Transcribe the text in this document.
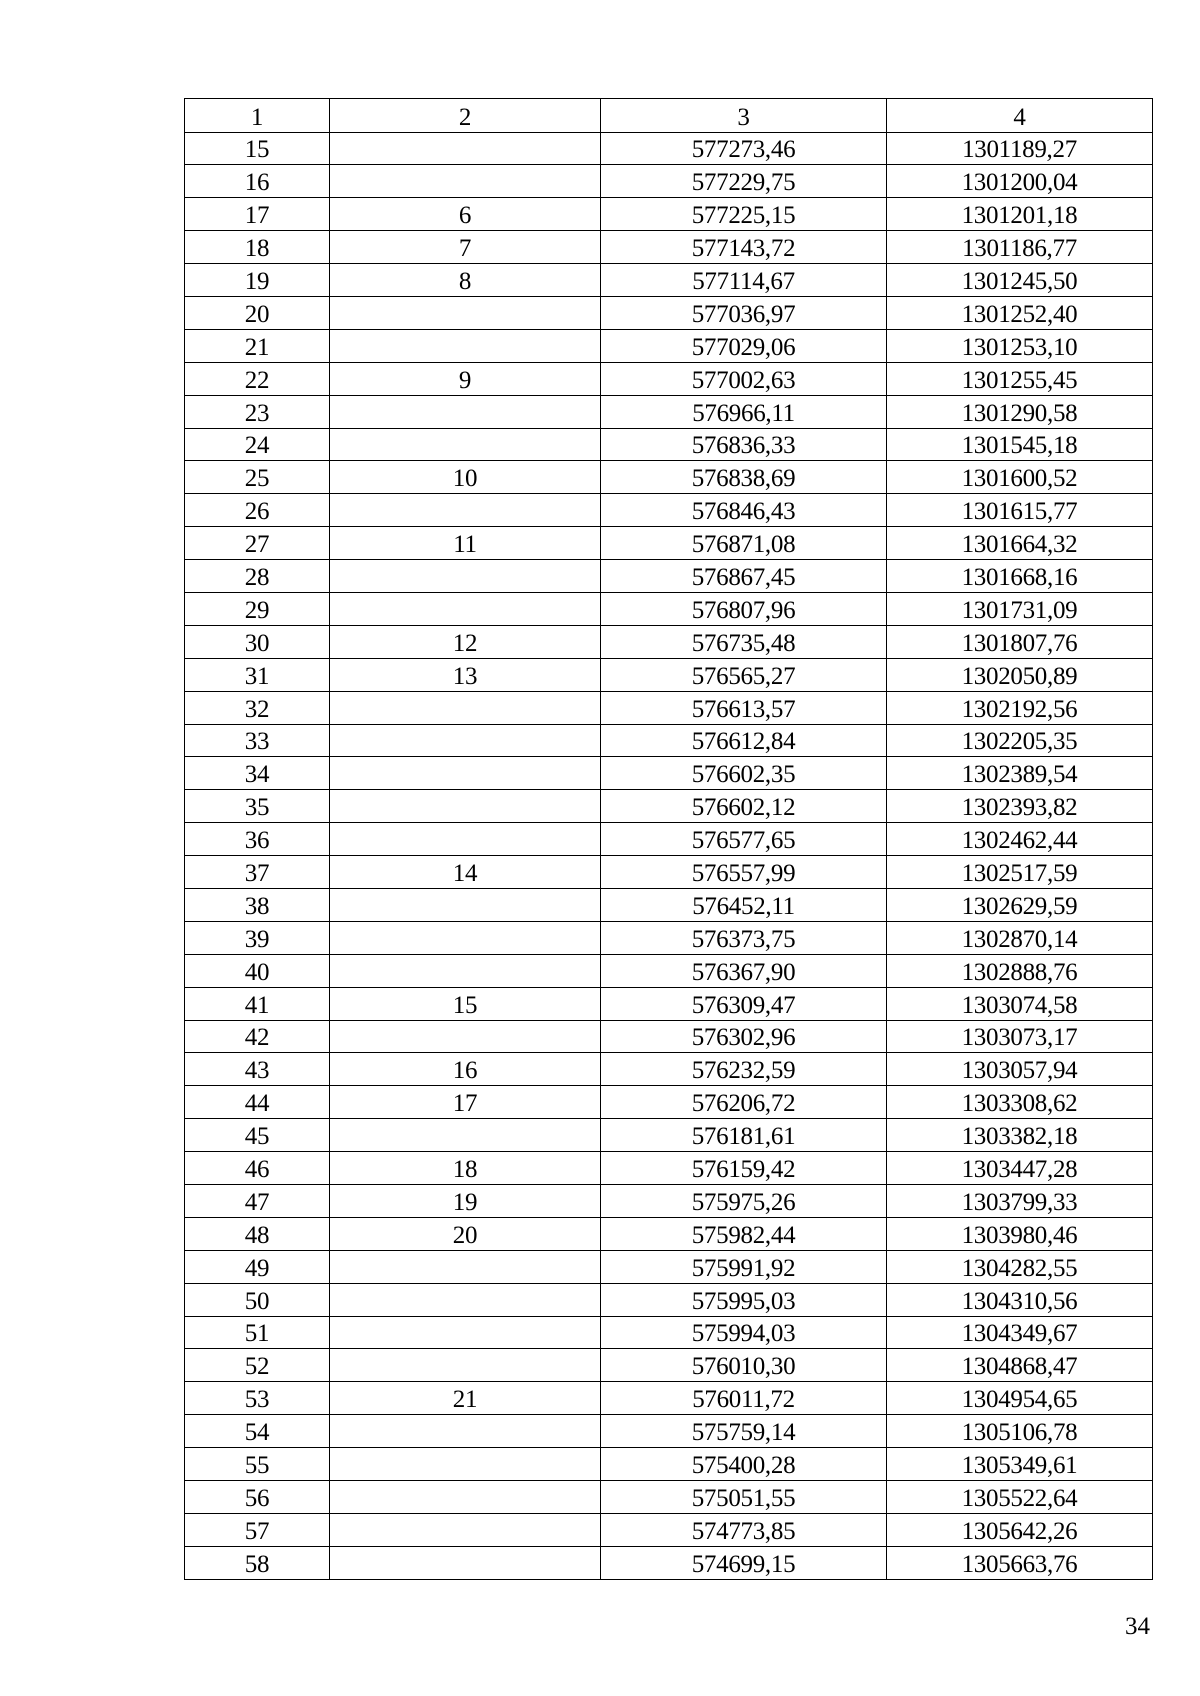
1	2	3	4
15		577273,46	1301189,27
16		577229,75	1301200,04
17	6	577225,15	1301201,18
18	7	577143,72	1301186,77
19	8	577114,67	1301245,50
20		577036,97	1301252,40
21		577029,06	1301253,10
22	9	577002,63	1301255,45
23		576966,11	1301290,58
24		576836,33	1301545,18
25	10	576838,69	1301600,52
26		576846,43	1301615,77
27	11	576871,08	1301664,32
28		576867,45	1301668,16
29		576807,96	1301731,09
30	12	576735,48	1301807,76
31	13	576565,27	1302050,89
32		576613,57	1302192,56
33		576612,84	1302205,35
34		576602,35	1302389,54
35		576602,12	1302393,82
36		576577,65	1302462,44
37	14	576557,99	1302517,59
38		576452,11	1302629,59
39		576373,75	1302870,14
40		576367,90	1302888,76
41	15	576309,47	1303074,58
42		576302,96	1303073,17
43	16	576232,59	1303057,94
44	17	576206,72	1303308,62
45		576181,61	1303382,18
46	18	576159,42	1303447,28
47	19	575975,26	1303799,33
48	20	575982,44	1303980,46
49		575991,92	1304282,55
50		575995,03	1304310,56
51		575994,03	1304349,67
52		576010,30	1304868,47
53	21	576011,72	1304954,65
54		575759,14	1305106,78
55		575400,28	1305349,61
56		575051,55	1305522,64
57		574773,85	1305642,26
58		574699,15	1305663,76
34
